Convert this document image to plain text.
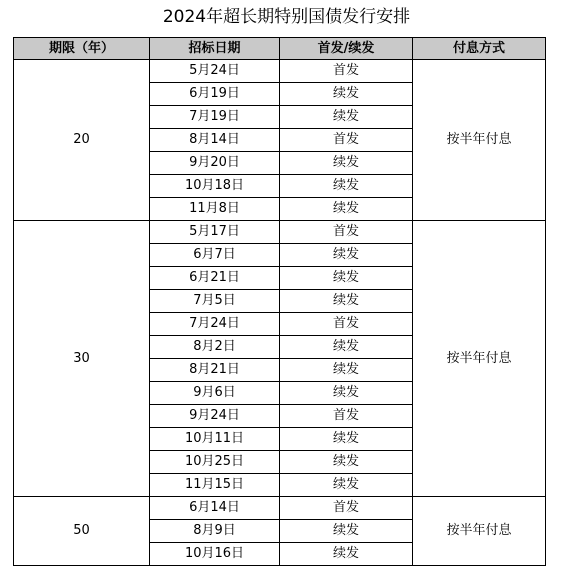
2024年超长期特别国债发行安排
期限（年）	招标日期	首发/续发	付息方式
20	5月24日	首发	按半年付息
	6月19日	续发	
	7月19日	续发	
	8月14日	首发	
	9月20日	续发	
	10月18日	续发	
	11月8日	续发	
30	5月17日	首发	按半年付息
	6月7日	续发	
	6月21日	续发	
	7月5日	续发	
	7月24日	首发	
	8月2日	续发	
	8月21日	续发	
	9月6日	续发	
	9月24日	首发	
	10月11日	续发	
	10月25日	续发	
	11月15日	续发	
50	6月14日	首发	按半年付息
	8月9日	续发	
	10月16日	续发	
